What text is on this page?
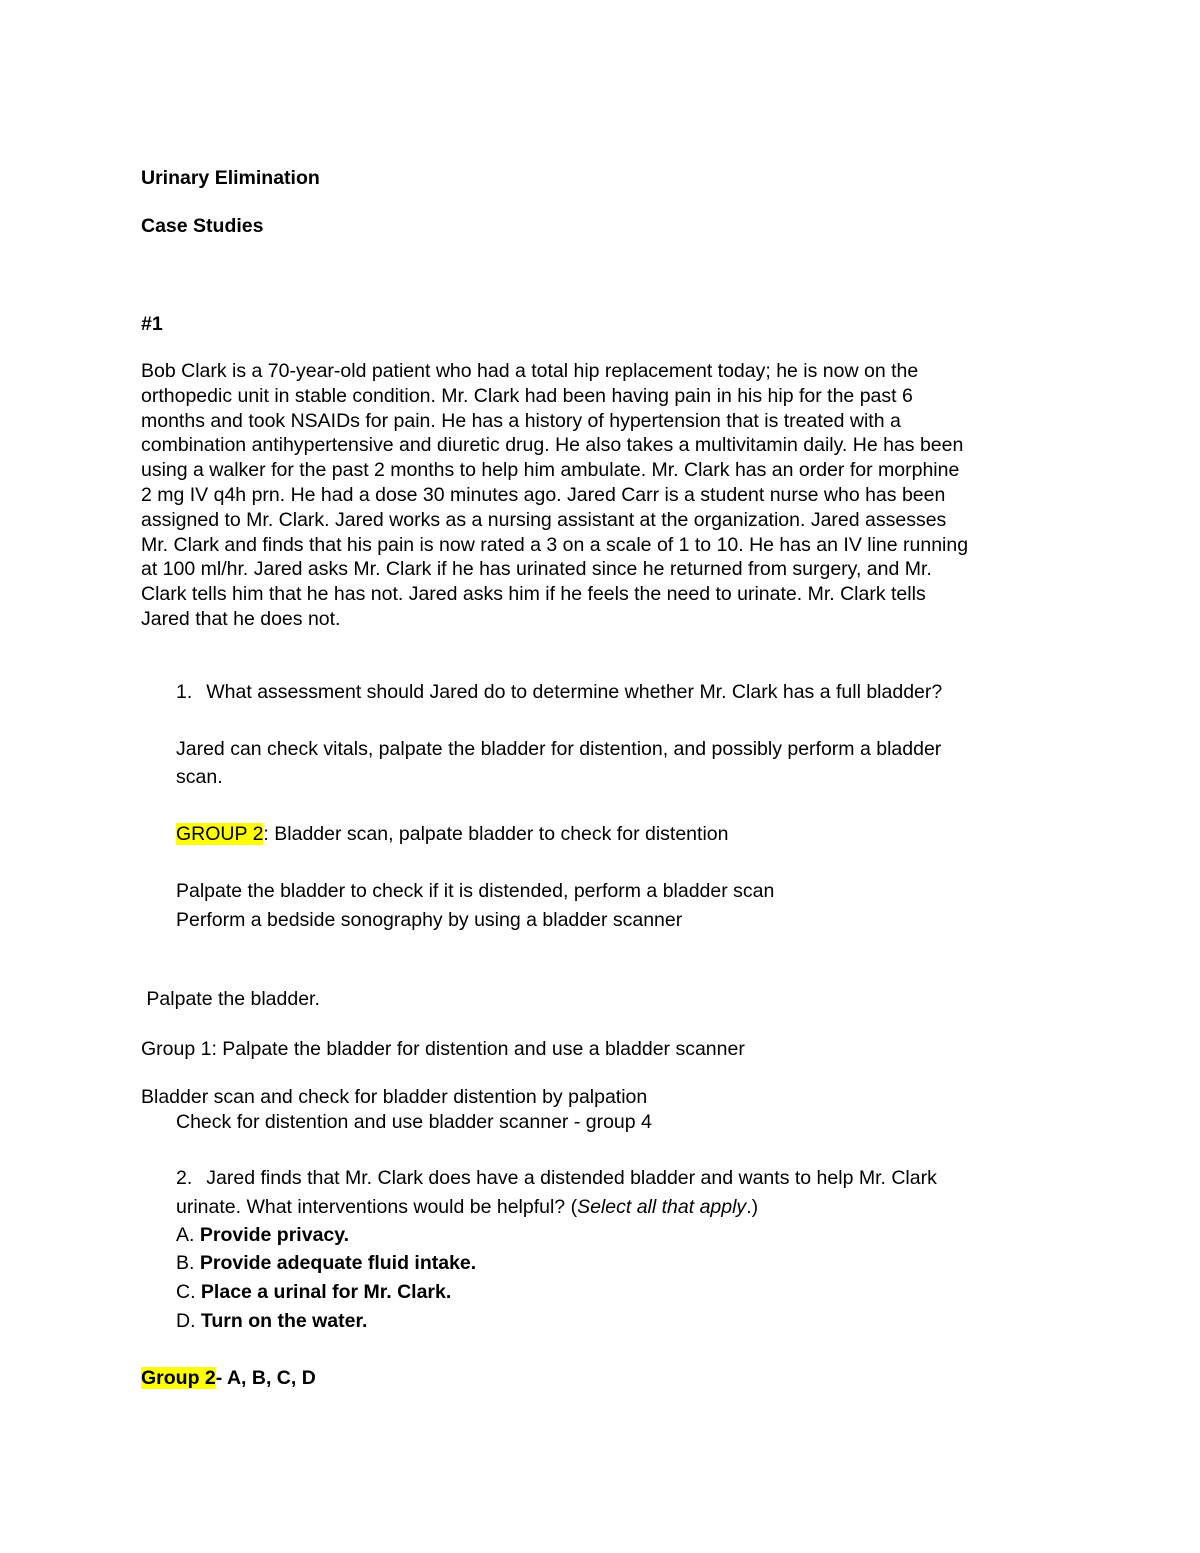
Urinary Elimination
Case Studies
#1
Bob Clark is a 70-year-old patient who had a total hip replacement today; he is now on the
orthopedic unit in stable condition. Mr. Clark had been having pain in his hip for the past 6
months and took NSAIDs for pain. He has a history of hypertension that is treated with a
combination antihypertensive and diuretic drug. He also takes a multivitamin daily. He has been
using a walker for the past 2 months to help him ambulate. Mr. Clark has an order for morphine
2 mg IV q4h prn. He had a dose 30 minutes ago. Jared Carr is a student nurse who has been
assigned to Mr. Clark. Jared works as a nursing assistant at the organization. Jared assesses
Mr. Clark and finds that his pain is now rated a 3 on a scale of 1 to 10. He has an IV line running
at 100 ml/hr. Jared asks Mr. Clark if he has urinated since he returned from surgery, and Mr.
Clark tells him that he has not. Jared asks him if he feels the need to urinate. Mr. Clark tells
Jared that he does not.
1. What assessment should Jared do to determine whether Mr. Clark has a full bladder?
Jared can check vitals, palpate the bladder for distention, and possibly perform a bladder
scan.
GROUP 2: Bladder scan, palpate bladder to check for distention
Palpate the bladder to check if it is distended, perform a bladder scan
Perform a bedside sonography by using a bladder scanner
Palpate the bladder.
Group 1: Palpate the bladder for distention and use a bladder scanner
Bladder scan and check for bladder distention by palpation
Check for distention and use bladder scanner - group 4
2. Jared finds that Mr. Clark does have a distended bladder and wants to help Mr. Clark
urinate. What interventions would be helpful? (Select all that apply.)
A. Provide privacy.
B. Provide adequate fluid intake.
C. Place a urinal for Mr. Clark.
D. Turn on the water.
Group 2- A, B, C, D
